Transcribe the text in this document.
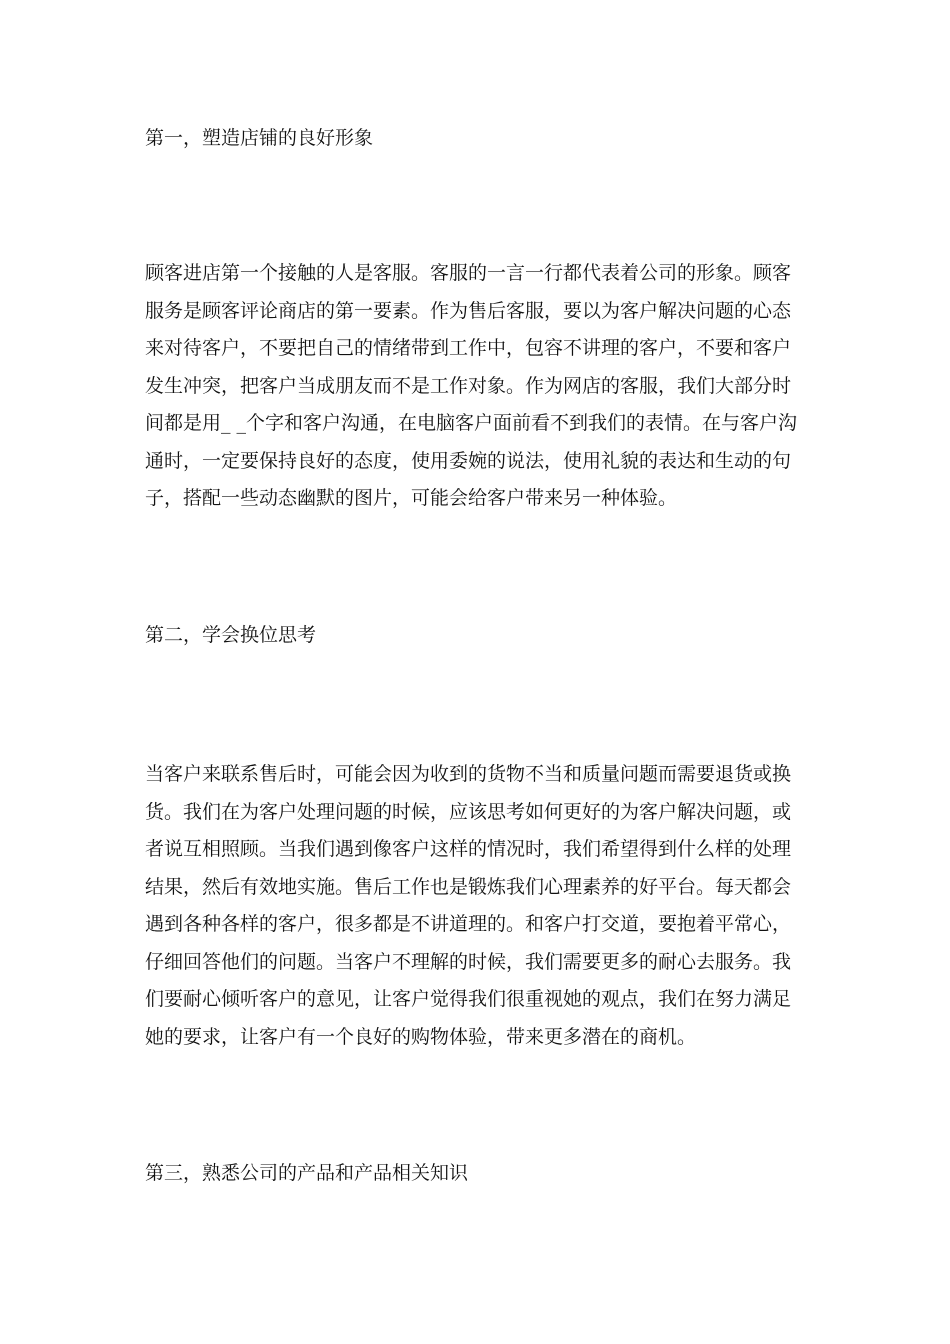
第一，塑造店铺的良好形象
顾客进店第一个接触的人是客服。客服的一言一行都代表着公司的形象。顾客
服务是顾客评论商店的第一要素。作为售后客服，要以为客户解决问题的心态
来对待客户，不要把自己的情绪带到工作中，包容不讲理的客户，不要和客户
发生冲突，把客户当成朋友而不是工作对象。作为网店的客服，我们大部分时
间都是用_ _个字和客户沟通，在电脑客户面前看不到我们的表情。在与客户沟
通时，一定要保持良好的态度，使用委婉的说法，使用礼貌的表达和生动的句
子，搭配一些动态幽默的图片，可能会给客户带来另一种体验。
第二，学会换位思考
当客户来联系售后时，可能会因为收到的货物不当和质量问题而需要退货或换
货。我们在为客户处理问题的时候，应该思考如何更好的为客户解决问题，或
者说互相照顾。当我们遇到像客户这样的情况时，我们希望得到什么样的处理
结果，然后有效地实施。售后工作也是锻炼我们心理素养的好平台。每天都会
遇到各种各样的客户，很多都是不讲道理的。和客户打交道，要抱着平常心，
仔细回答他们的问题。当客户不理解的时候，我们需要更多的耐心去服务。我
们要耐心倾听客户的意见，让客户觉得我们很重视她的观点，我们在努力满足
她的要求，让客户有一个良好的购物体验，带来更多潜在的商机。
第三，熟悉公司的产品和产品相关知识
